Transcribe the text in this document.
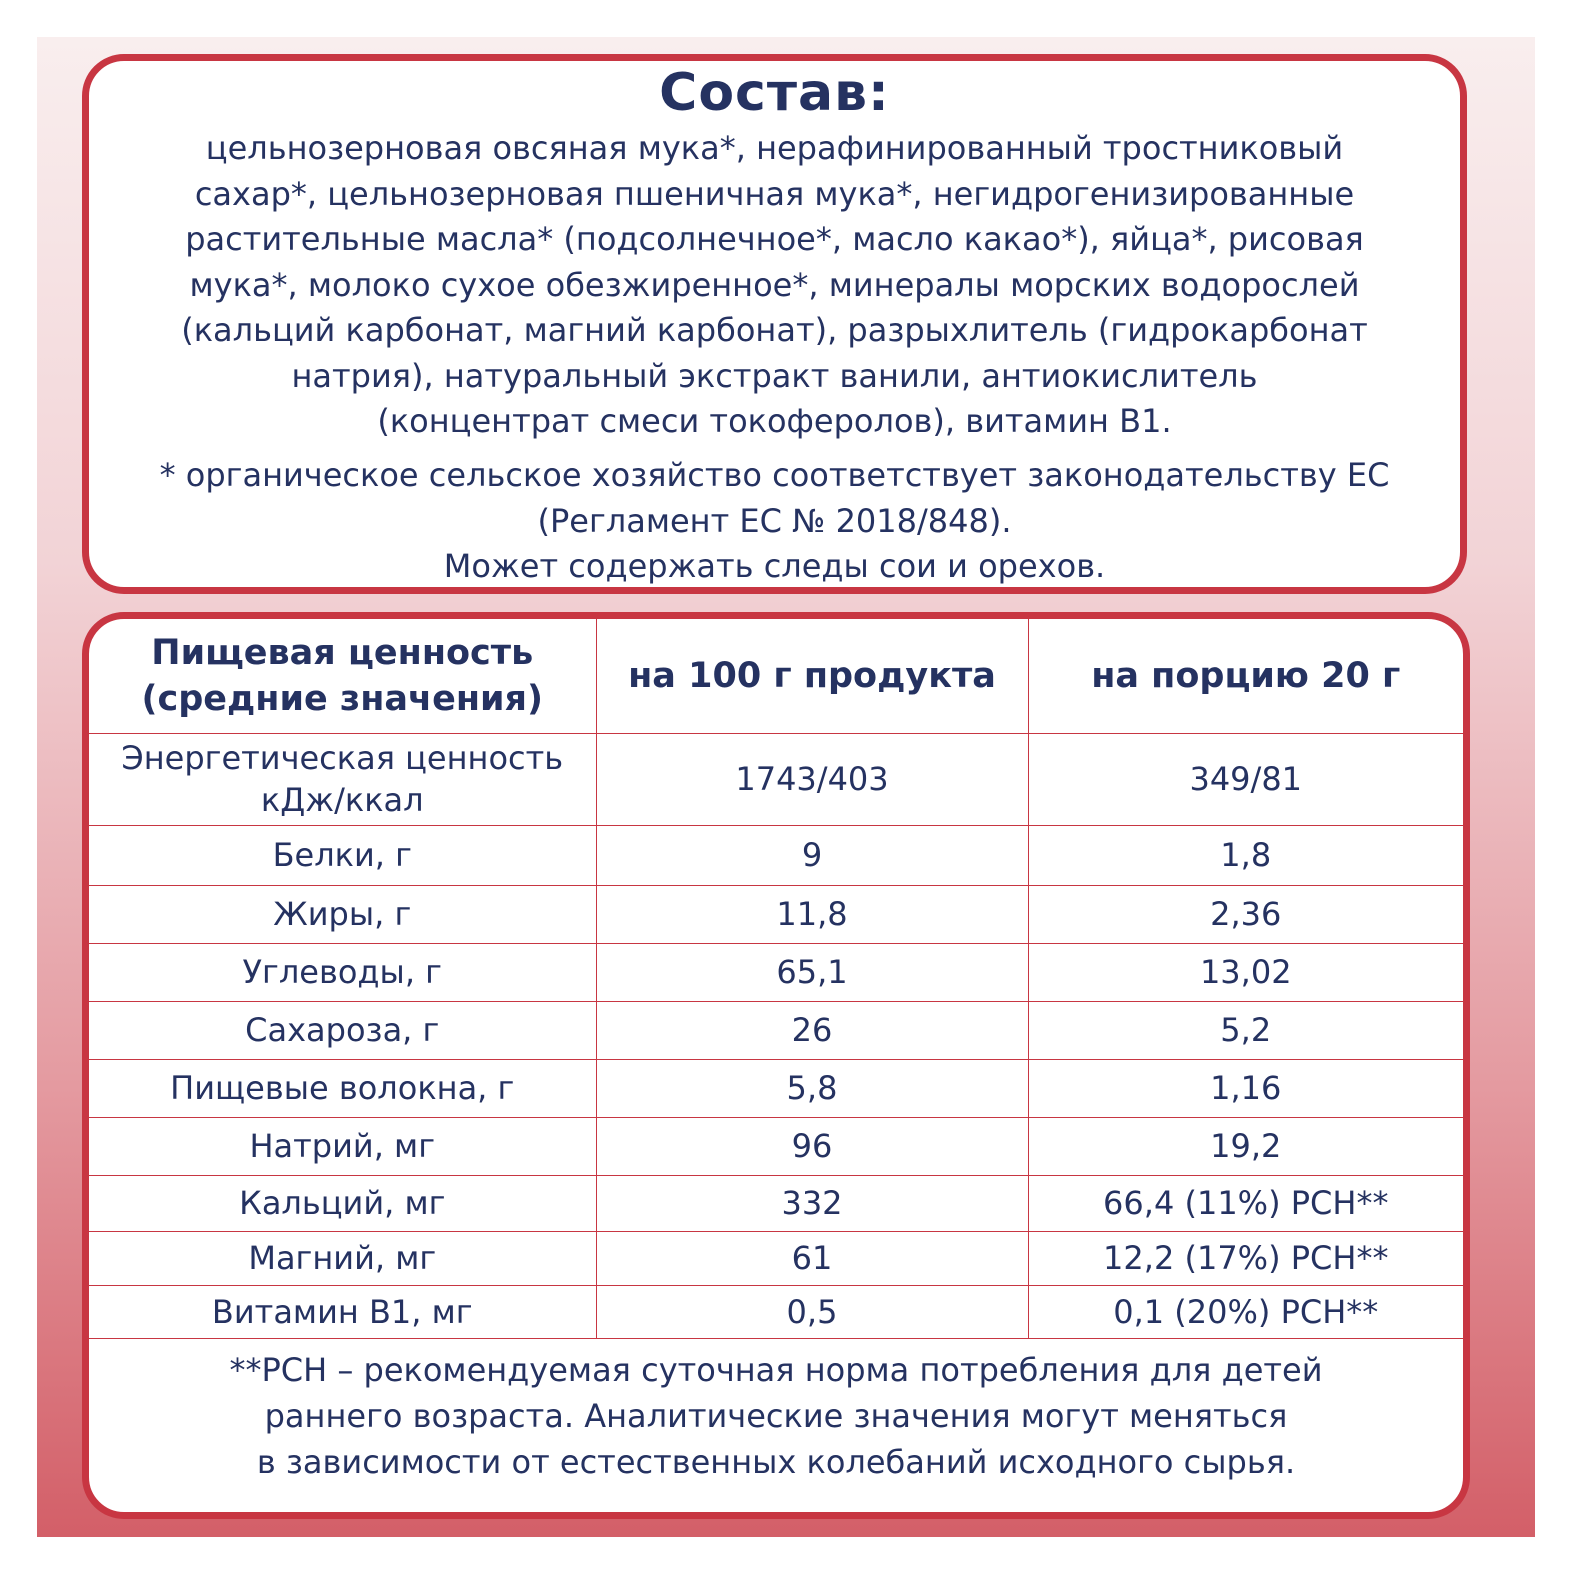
Состав:
цельнозерновая овсяная мука*, нерафинированный тростниковый
сахар*, цельнозерновая пшеничная мука*, негидрогенизированные
растительные масла* (подсолнечное*, масло какао*), яйца*, рисовая
мука*, молоко сухое обезжиренное*, минералы морских водорослей
(кальций карбонат, магний карбонат), разрыхлитель (гидрокарбонат
натрия), натуральный экстракт ванили, антиокислитель
(концентрат смеси токоферолов), витамин В1.
* органическое сельское хозяйство соответствует законодательству ЕС
(Регламент ЕС № 2018/848).
Может содержать следы сои и орехов.
Пищевая ценность (средние значения)	на 100 г продукта	на порцию 20 г
Энергетическая ценность кДж/ккал	1743/403	349/81
Белки, г	9	1,8
Жиры, г	11,8	2,36
Углеводы, г	65,1	13,02
Сахароза, г	26	5,2
Пищевые волокна, г	5,8	1,16
Натрий, мг	96	19,2
Кальций, мг	332	66,4 (11%) РСН**
Магний, мг	61	12,2 (17%) РСН**
Витамин В1, мг	0,5	0,1 (20%) РСН**
**РСН – рекомендуемая суточная норма потребления для детей
раннего возраста. Аналитические значения могут меняться
в зависимости от естественных колебаний исходного сырья.
